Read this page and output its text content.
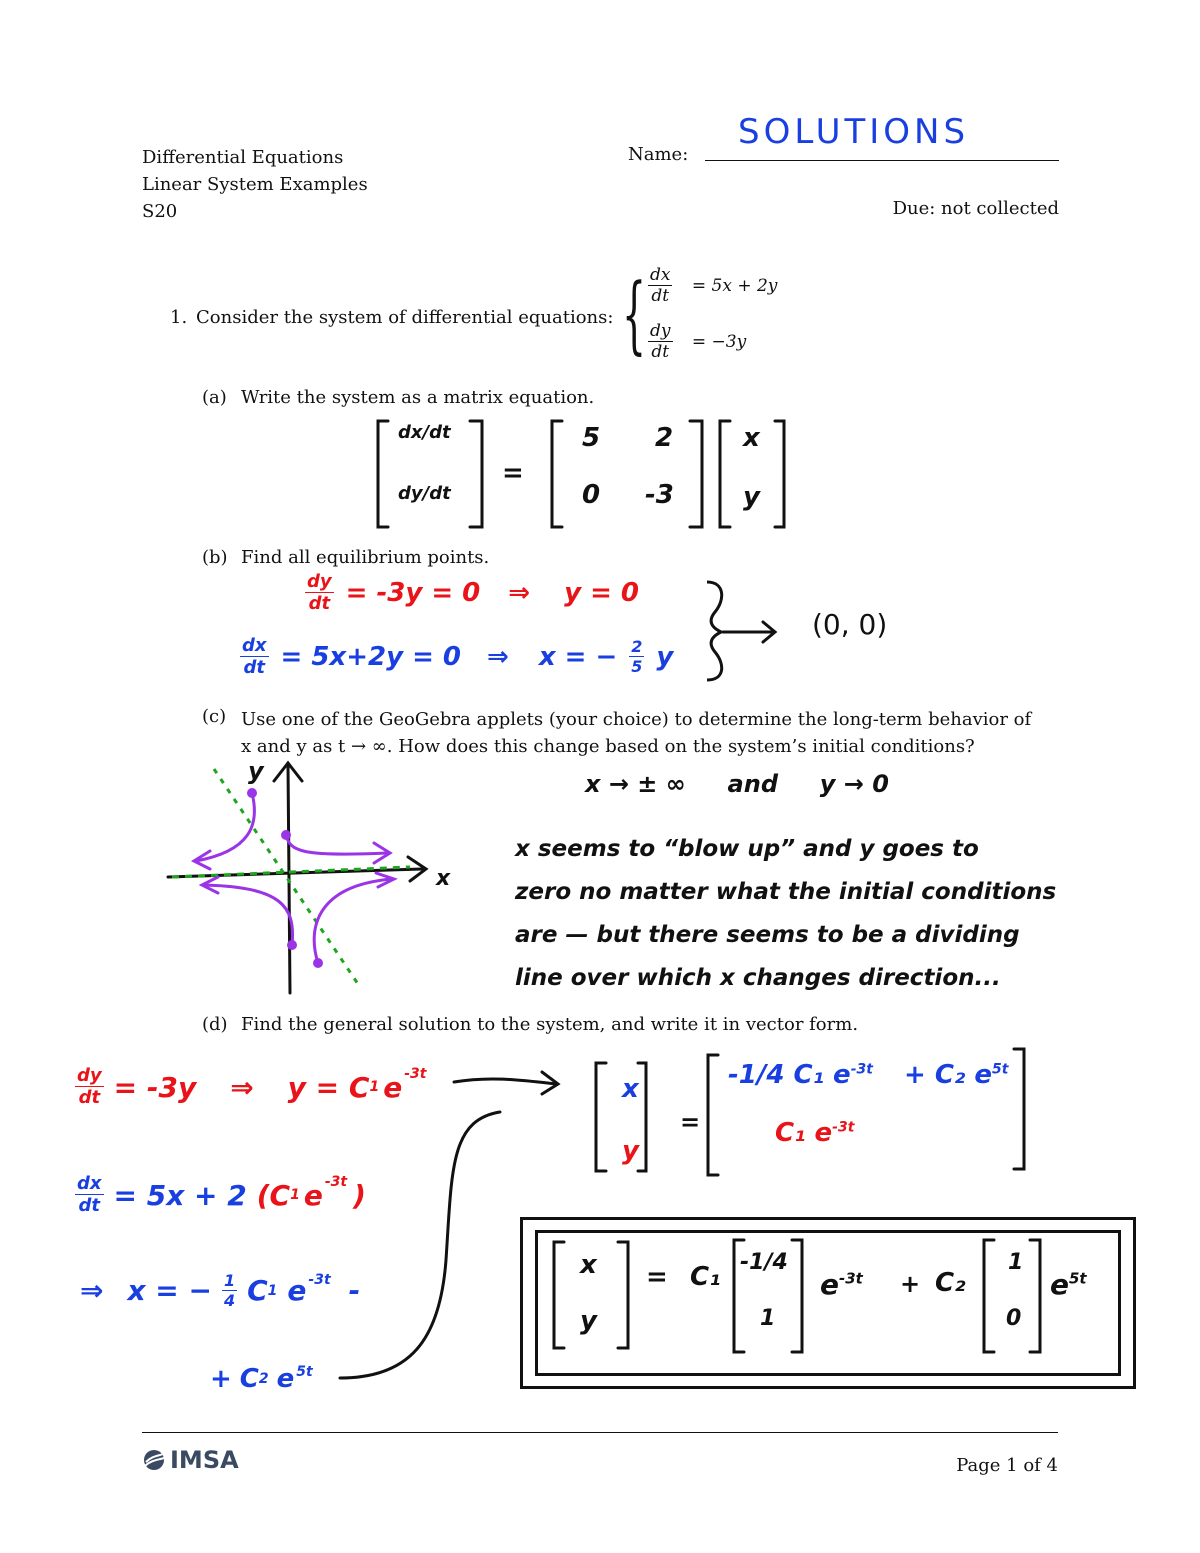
Differential Equations
Linear System Examples
S20
Name:
SOLUTIONS
Due: not collected
1. Consider the system of differential equations: { $\frac{dx}{dt} = 5x + 2y$
$\frac{dy}{dt} = -3y$
(a) Write the system as a matrix equation.
dx/dt
dy/dt
=
5 2
0 -3
x
y
(b) Find all equilibrium points.
$\frac{dy}{dt} = -3y = 0$ ⇒ y = 0
$\frac{dx}{dt} = 5x+2y = 0$ ⇒ x = − $\frac{2}{5}$ y
(0, 0)
(c) Use one of the GeoGebra applets (your choice) to determine the long-term behavior of
x and y as t → ∞. How does this change based on the system’s initial conditions?
y
x
x → ± ∞     and     y → 0
x seems to “blow up” and y goes to
zero no matter what the initial conditions
are — but there seems to be a dividing
line over which x changes direction...
(d) Find the general solution to the system, and write it in vector form.
$\frac{dy}{dt} = -3y$ ⇒ y = C 1 $e^{-3t}$
$\frac{dx}{dt} = 5x + 2$ (C 1 $e^{-3t}$ )
⇒ x = − $\frac{1}{4}$ C 1 $e^{-3t}$ -
+ C 2 $e^{5t}$
x
y
=
-1/4 C₁ $e^{-3t} + C_2$ $e^{5t}$
C₁ $e^{-3t}$
x
y
= C₁ -1/4
1
$e^{-3t} + C_2$
1
0
$e^{5t}$
IMSA	Page 1 of 4
